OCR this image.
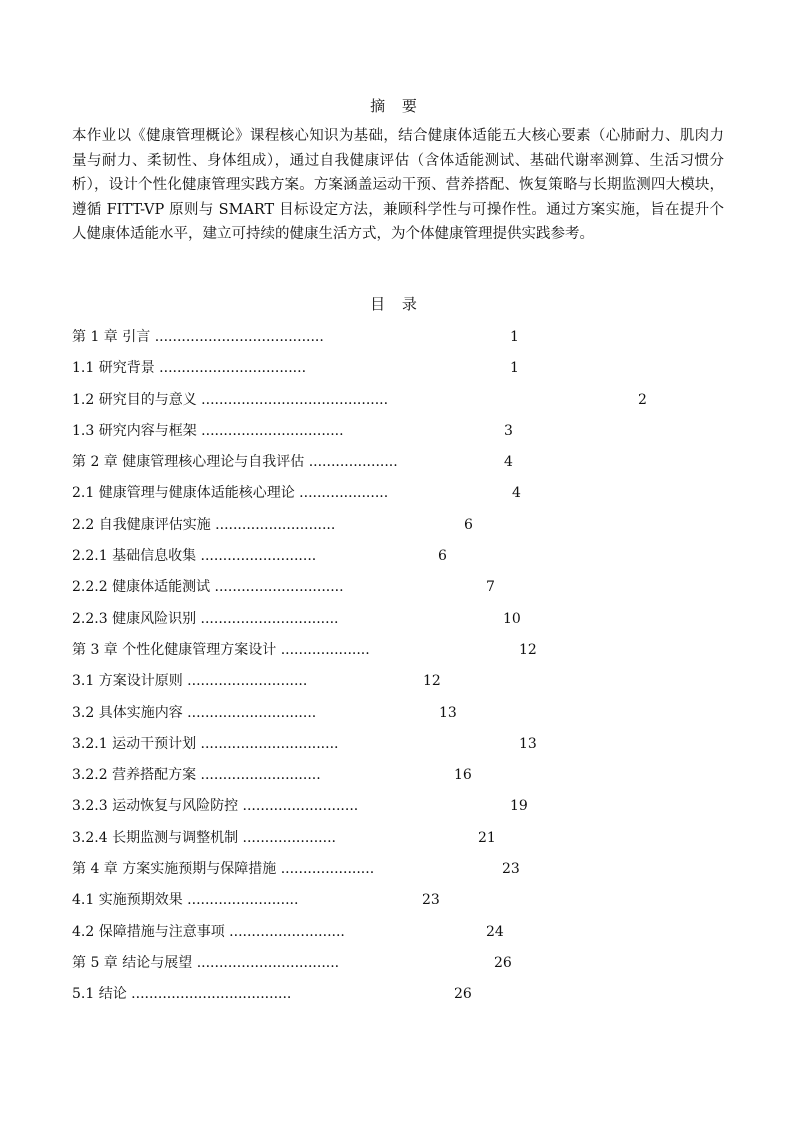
摘 要
本作业以《健康管理概论》课程核心知识为基础，结合健康体适能五大核心要素（心肺耐力、肌肉力量与耐力、柔韧性、身体组成），通过自我健康评估（含体适能测试、基础代谢率测算、生活习惯分析），设计个性化健康管理实践方案。方案涵盖运动干预、营养搭配、恢复策略与长期监测四大模块，遵循 FITT-VP 原则与 SMART 目标设定方法，兼顾科学性与可操作性。通过方案实施，旨在提升个人健康体适能水平，建立可持续的健康生活方式，为个体健康管理提供实践参考。
目 录
第 1 章 引言 ......................................	1
1.1 研究背景 .................................	1
1.2 研究目的与意义 ..........................................	2
1.3 研究内容与框架 ................................	3
第 2 章 健康管理核心理论与自我评估 ....................	4
2.1 健康管理与健康体适能核心理论 ....................	4
2.2 自我健康评估实施 ...........................	6
2.2.1 基础信息收集 ..........................	6
2.2.2 健康体适能测试 .............................	7
2.2.3 健康风险识别 ...............................	10
第 3 章 个性化健康管理方案设计 ....................	12
3.1 方案设计原则 ...........................	12
3.2 具体实施内容 .............................	13
3.2.1 运动干预计划 ...............................	13
3.2.2 营养搭配方案 ...........................	16
3.2.3 运动恢复与风险防控 ..........................	19
3.2.4 长期监测与调整机制 .....................	21
第 4 章 方案实施预期与保障措施 .....................	23
4.1 实施预期效果 .........................	23
4.2 保障措施与注意事项 ..........................	24
第 5 章 结论与展望 ................................	26
5.1 结论 ....................................	26
